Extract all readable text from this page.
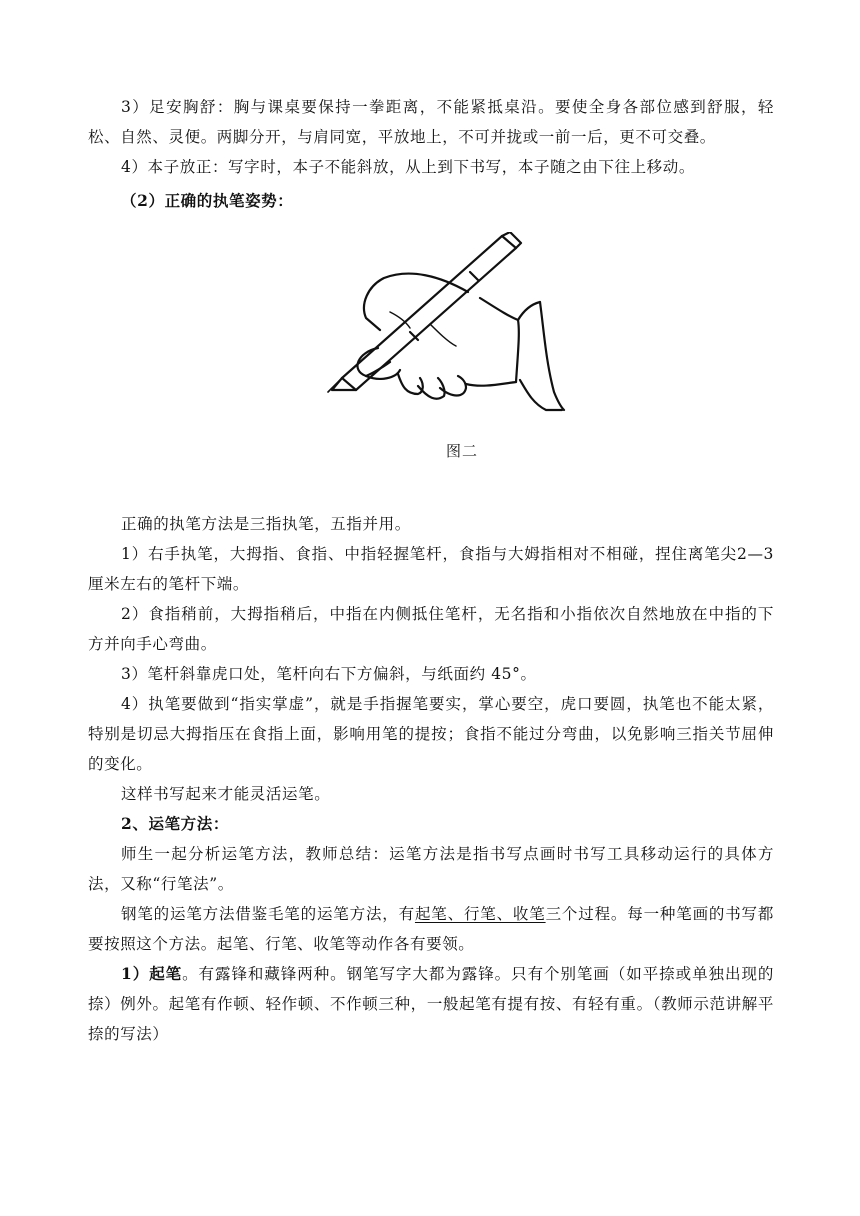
3）足安胸舒：胸与课桌要保持一拳距离，不能紧抵桌沿。要使全身各部位感到舒服，轻松、自然、灵便。两脚分开，与肩同宽，平放地上，不可并拢或一前一后，更不可交叠。

4）本子放正：写字时，本子不能斜放，从上到下书写，本子随之由下往上移动。

（2）正确的执笔姿势：

图二

正确的执笔方法是三指执笔，五指并用。

1）右手执笔，大拇指、食指、中指轻握笔杆，食指与大姆指相对不相碰，捏住离笔尖2—3厘米左右的笔杆下端。

2）食指稍前，大拇指稍后，中指在内侧抵住笔杆，无名指和小指依次自然地放在中指的下方并向手心弯曲。

3）笔杆斜靠虎口处，笔杆向右下方偏斜，与纸面约 45°。

4）执笔要做到“指实掌虚”，就是手指握笔要实，掌心要空，虎口要圆，执笔也不能太紧，特别是切忌大拇指压在食指上面，影响用笔的提按；食指不能过分弯曲，以免影响三指关节屈伸的变化。

这样书写起来才能灵活运笔。

2、运笔方法：

师生一起分析运笔方法，教师总结：运笔方法是指书写点画时书写工具移动运行的具体方法，又称“行笔法”。

钢笔的运笔方法借鉴毛笔的运笔方法，有起笔、行笔、收笔三个过程。每一种笔画的书写都要按照这个方法。起笔、行笔、收笔等动作各有要领。

1）起笔。有露锋和藏锋两种。钢笔写字大都为露锋。只有个别笔画（如平捺或单独出现的捺）例外。起笔有作顿、轻作顿、不作顿三种，一般起笔有提有按、有轻有重。（教师示范讲解平捺的写法）
